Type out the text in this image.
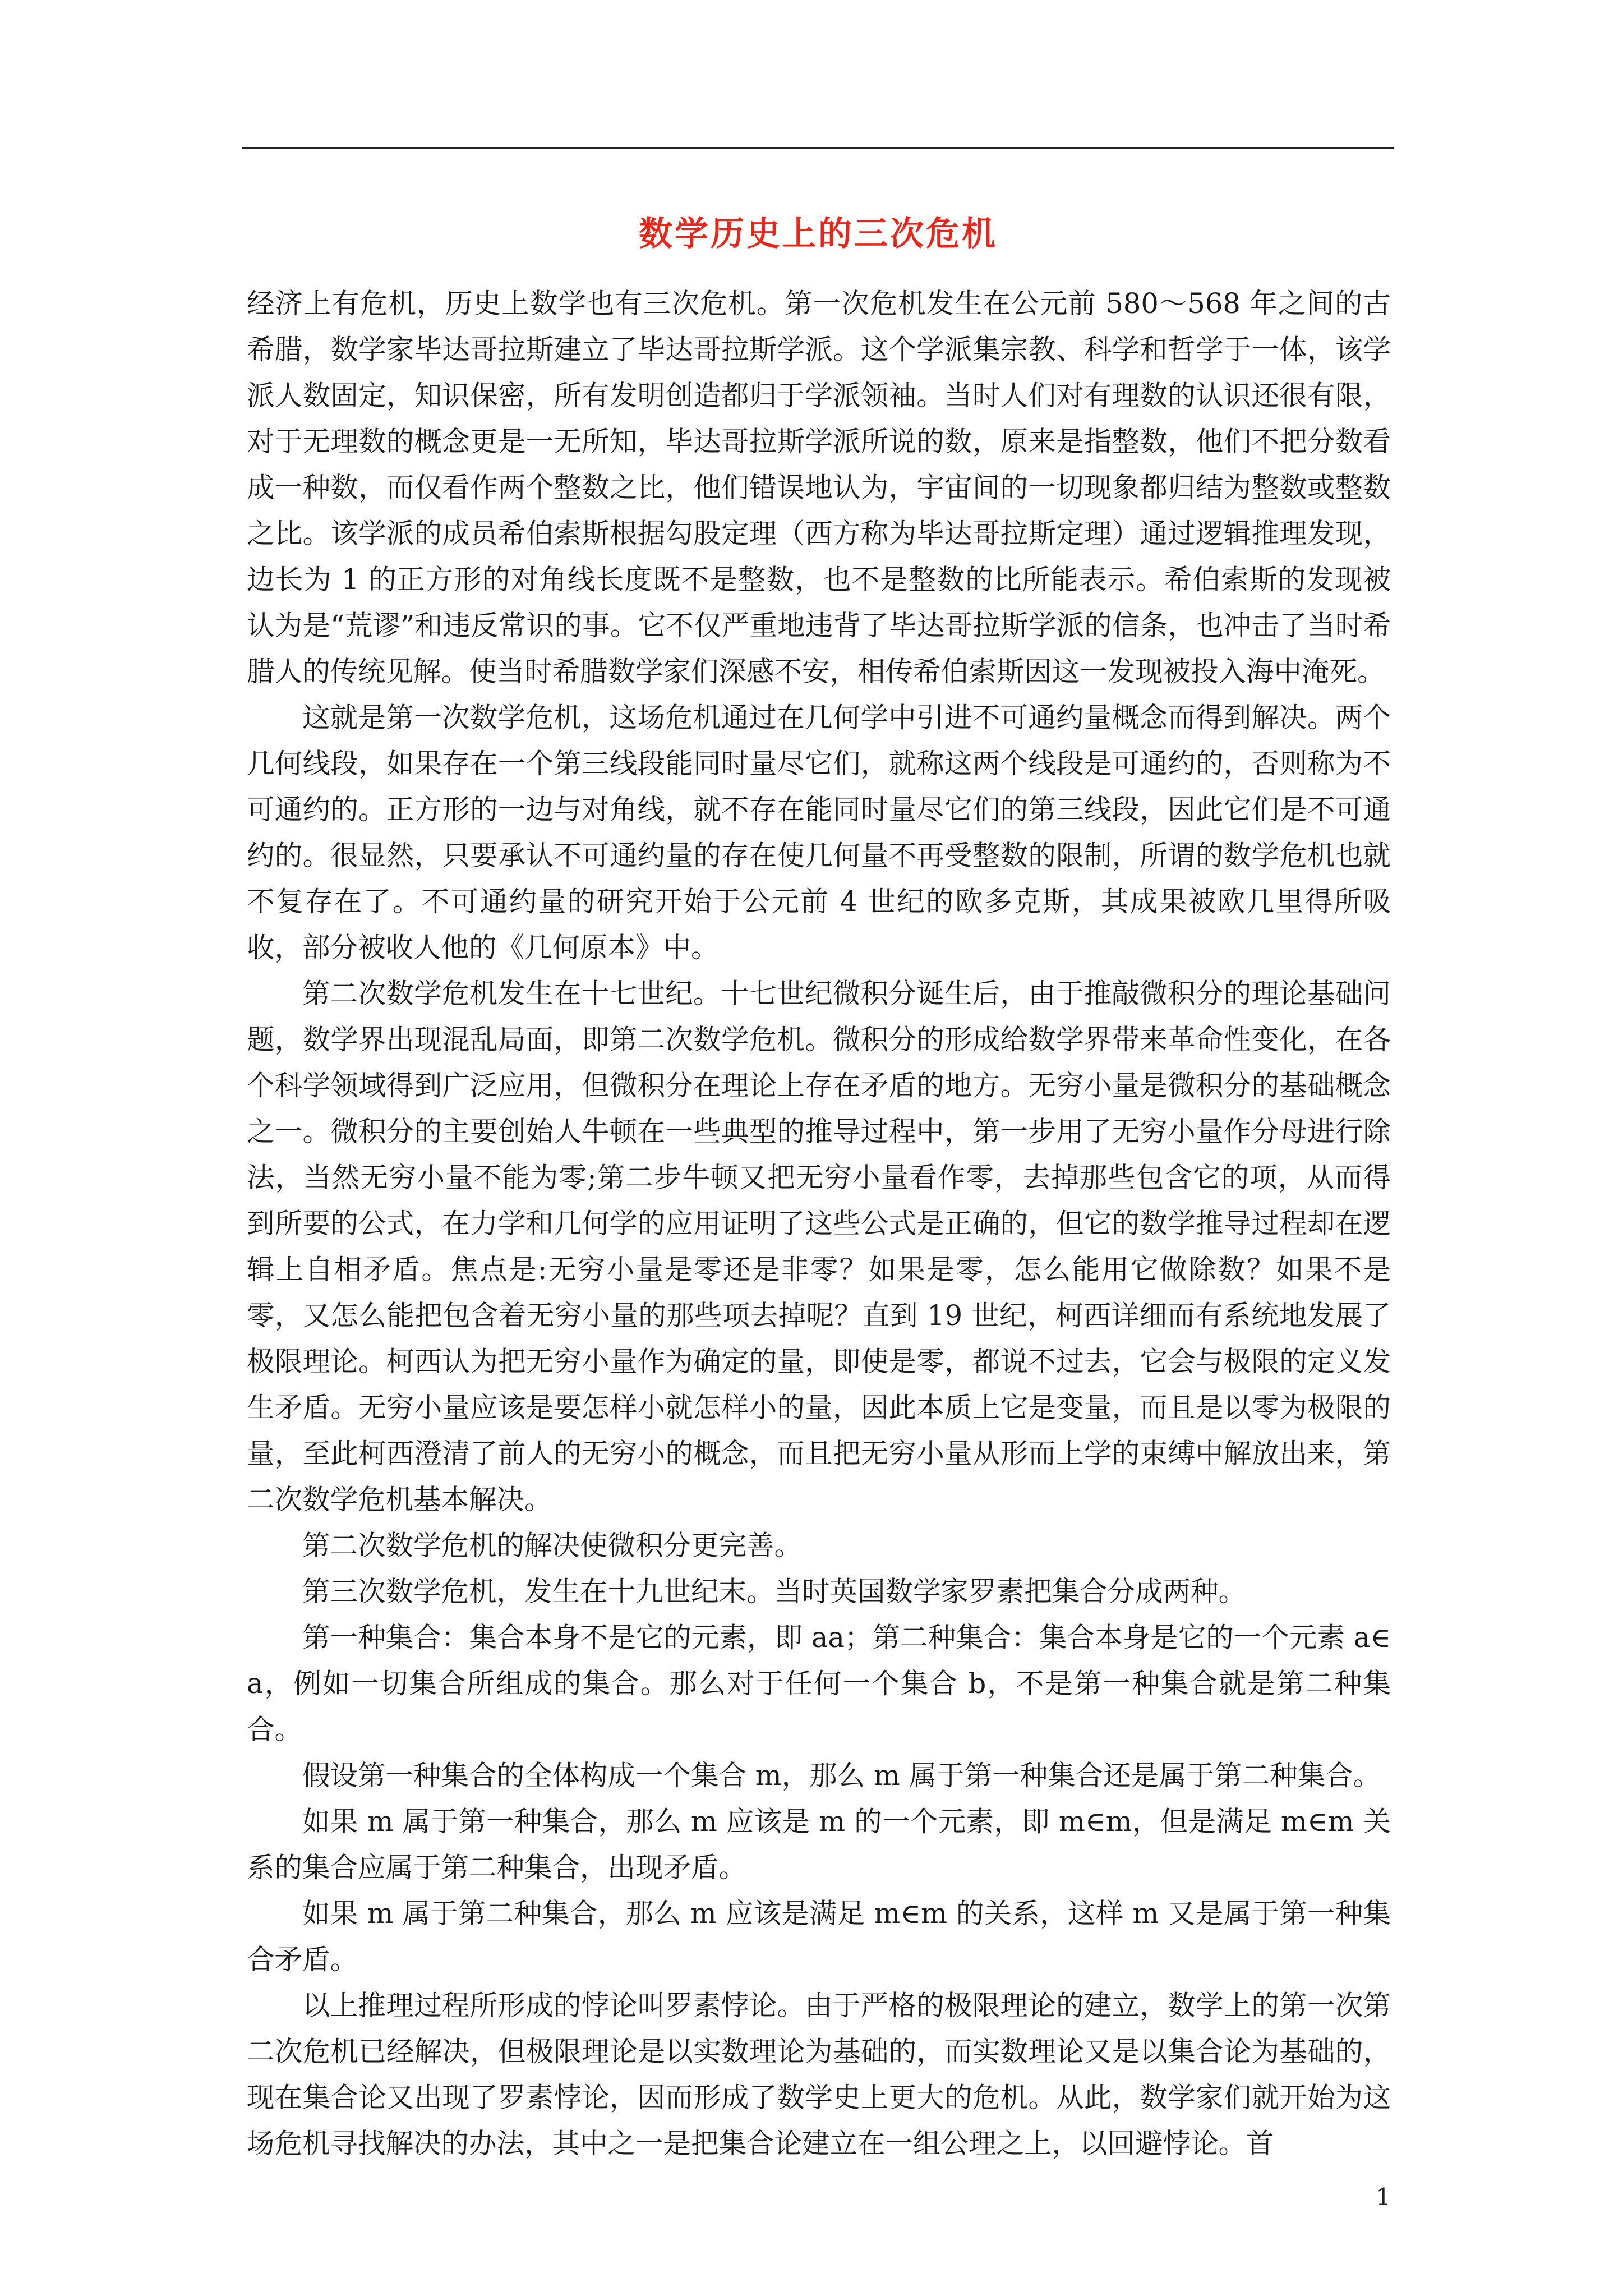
数学历史上的三次危机

经济上有危机，历史上数学也有三次危机。第一次危机发生在公元前 580～568 年之间的古希腊，数学家毕达哥拉斯建立了毕达哥拉斯学派。这个学派集宗教、科学和哲学于一体，该学派人数固定，知识保密，所有发明创造都归于学派领袖。当时人们对有理数的认识还很有限，对于无理数的概念更是一无所知，毕达哥拉斯学派所说的数，原来是指整数，他们不把分数看成一种数，而仅看作两个整数之比，他们错误地认为，宇宙间的一切现象都归结为整数或整数之比。该学派的成员希伯索斯根据勾股定理（西方称为毕达哥拉斯定理）通过逻辑推理发现，边长为 1 的正方形的对角线长度既不是整数，也不是整数的比所能表示。希伯索斯的发现被认为是“荒谬”和违反常识的事。它不仅严重地违背了毕达哥拉斯学派的信条，也冲击了当时希腊人的传统见解。使当时希腊数学家们深感不安，相传希伯索斯因这一发现被投入海中淹死。

这就是第一次数学危机，这场危机通过在几何学中引进不可通约量概念而得到解决。两个几何线段，如果存在一个第三线段能同时量尽它们，就称这两个线段是可通约的，否则称为不可通约的。正方形的一边与对角线，就不存在能同时量尽它们的第三线段，因此它们是不可通约的。很显然，只要承认不可通约量的存在使几何量不再受整数的限制，所谓的数学危机也就不复存在了。不可通约量的研究开始于公元前 4 世纪的欧多克斯，其成果被欧几里得所吸收，部分被收人他的《几何原本》中。

第二次数学危机发生在十七世纪。十七世纪微积分诞生后，由于推敲微积分的理论基础问题，数学界出现混乱局面，即第二次数学危机。微积分的形成给数学界带来革命性变化，在各个科学领域得到广泛应用，但微积分在理论上存在矛盾的地方。无穷小量是微积分的基础概念之一。微积分的主要创始人牛顿在一些典型的推导过程中，第一步用了无穷小量作分母进行除法，当然无穷小量不能为零;第二步牛顿又把无穷小量看作零，去掉那些包含它的项，从而得到所要的公式，在力学和几何学的应用证明了这些公式是正确的，但它的数学推导过程却在逻辑上自相矛盾。焦点是:无穷小量是零还是非零？如果是零，怎么能用它做除数？如果不是零，又怎么能把包含着无穷小量的那些项去掉呢？直到 19 世纪，柯西详细而有系统地发展了极限理论。柯西认为把无穷小量作为确定的量，即使是零，都说不过去，它会与极限的定义发生矛盾。无穷小量应该是要怎样小就怎样小的量，因此本质上它是变量，而且是以零为极限的量，至此柯西澄清了前人的无穷小的概念，而且把无穷小量从形而上学的束缚中解放出来，第二次数学危机基本解决。

第二次数学危机的解决使微积分更完善。

第三次数学危机，发生在十九世纪末。当时英国数学家罗素把集合分成两种。

第一种集合：集合本身不是它的元素，即 aa；第二种集合：集合本身是它的一个元素 a∈a，例如一切集合所组成的集合。那么对于任何一个集合 b，不是第一种集合就是第二种集合。

假设第一种集合的全体构成一个集合 m，那么 m 属于第一种集合还是属于第二种集合。

如果 m 属于第一种集合，那么 m 应该是 m 的一个元素，即 m∈m，但是满足 m∈m 关系的集合应属于第二种集合，出现矛盾。

如果 m 属于第二种集合，那么 m 应该是满足 m∈m 的关系，这样 m 又是属于第一种集合矛盾。

以上推理过程所形成的悖论叫罗素悖论。由于严格的极限理论的建立，数学上的第一次第二次危机已经解决，但极限理论是以实数理论为基础的，而实数理论又是以集合论为基础的，现在集合论又出现了罗素悖论，因而形成了数学史上更大的危机。从此，数学家们就开始为这场危机寻找解决的办法，其中之一是把集合论建立在一组公理之上，以回避悖论。首

1
